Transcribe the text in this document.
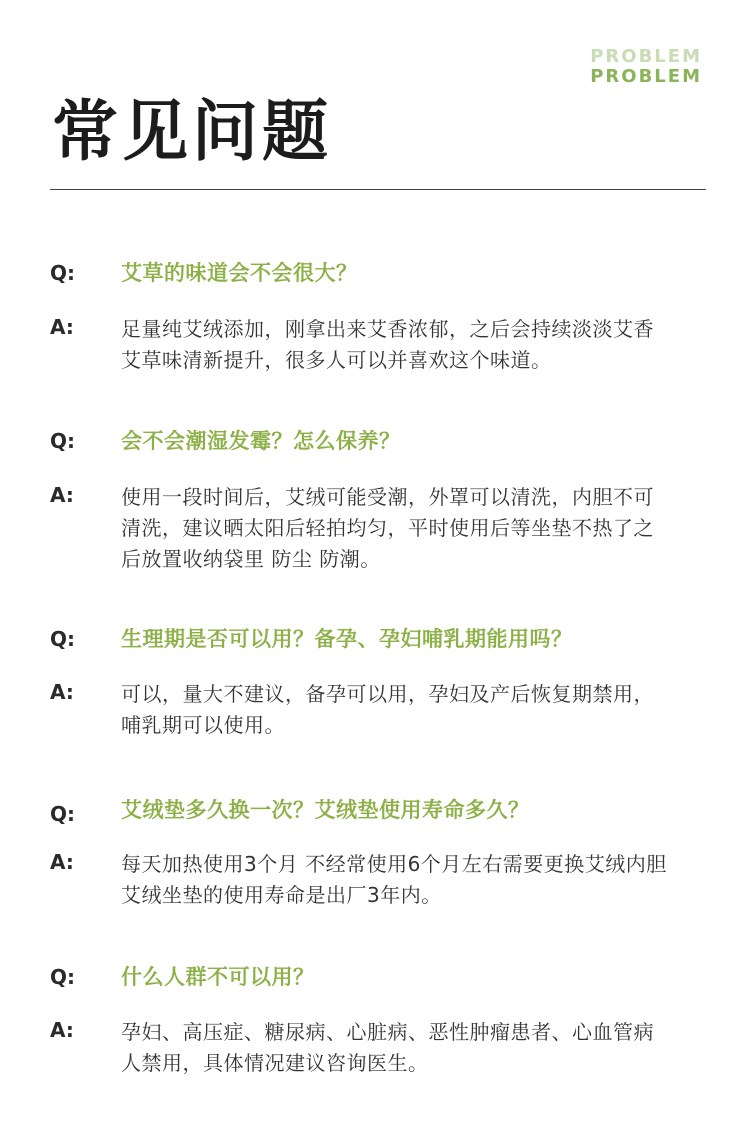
PROBLEM
PROBLEM
常见问题
Q: 艾草的味道会不会很大？
A: 足量纯艾绒添加，刚拿出来艾香浓郁，之后会持续淡淡艾香
艾草味清新提升，很多人可以并喜欢这个味道。
Q: 会不会潮湿发霉？怎么保养？
A: 使用一段时间后，艾绒可能受潮，外罩可以清洗，内胆不可
清洗，建议晒太阳后轻拍均匀，平时使用后等坐垫不热了之
后放置收纳袋里 防尘 防潮。
Q: 生理期是否可以用？备孕、孕妇哺乳期能用吗？
A: 可以，量大不建议，备孕可以用，孕妇及产后恢复期禁用，
哺乳期可以使用。
Q: 艾绒垫多久换一次？艾绒垫使用寿命多久？
A: 每天加热使用3个月 不经常使用6个月左右需要更换艾绒内胆
艾绒坐垫的使用寿命是出厂3年内。
Q: 什么人群不可以用？
A: 孕妇、高压症、糖尿病、心脏病、恶性肿瘤患者、心血管病
人禁用，具体情况建议咨询医生。
